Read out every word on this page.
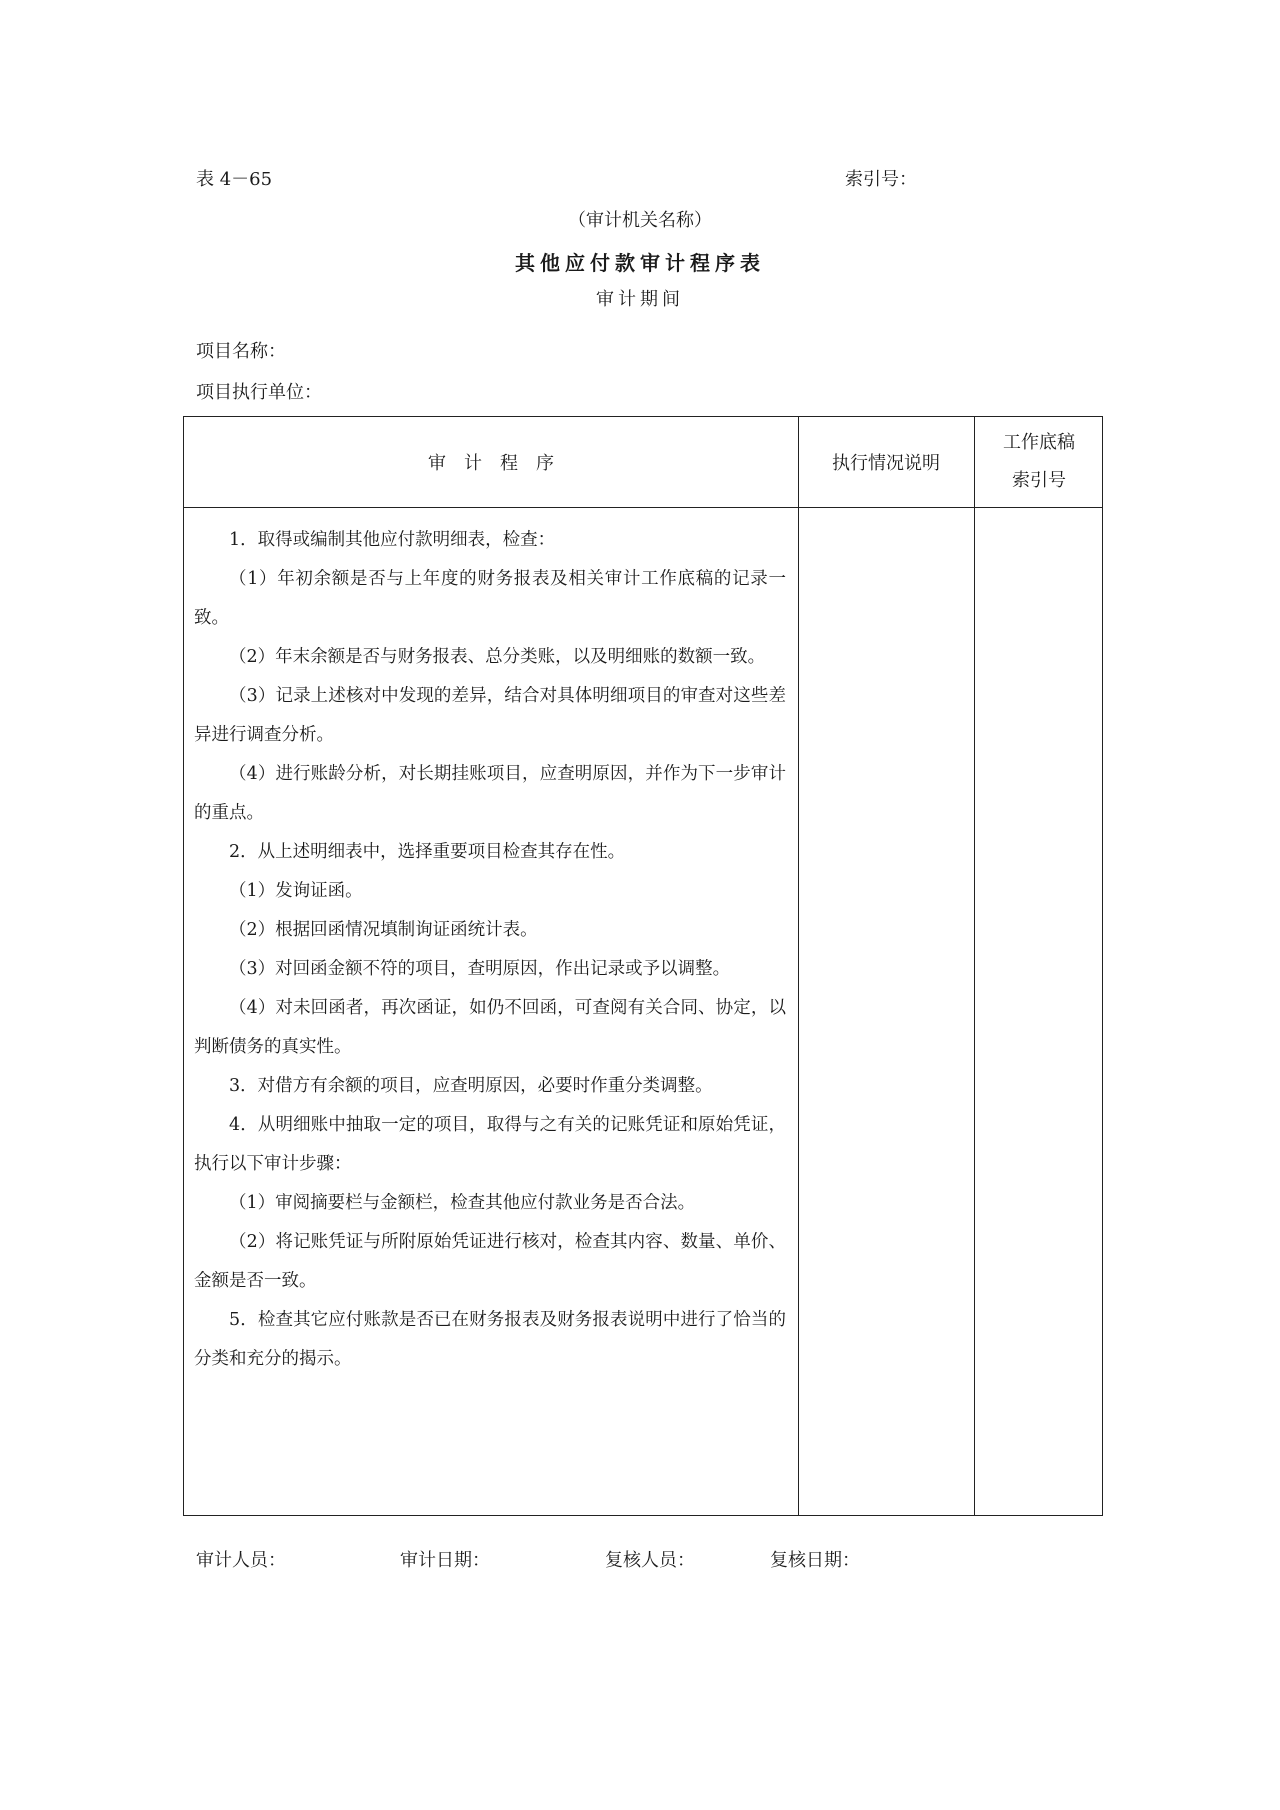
表 4－65	索引号：
（审计机关名称）
其他应付款审计程序表
审计期间
项目名称：
项目执行单位：
审　计　程　序	执行情况说明
工作底稿
索引号

1．取得或编制其他应付款明细表，检查：

（1）年初余额是否与上年度的财务报表及相关审计工作底稿的记录一致。

（2）年末余额是否与财务报表、总分类账，以及明细账的数额一致。

（3）记录上述核对中发现的差异，结合对具体明细项目的审查对这些差异进行调查分析。

（4）进行账龄分析，对长期挂账项目，应查明原因，并作为下一步审计的重点。

2．从上述明细表中，选择重要项目检查其存在性。

（1）发询证函。

（2）根据回函情况填制询证函统计表。

（3）对回函金额不符的项目，查明原因，作出记录或予以调整。

（4）对未回函者，再次函证，如仍不回函，可查阅有关合同、协定，以判断债务的真实性。

3．对借方有余额的项目，应查明原因，必要时作重分类调整。

4．从明细账中抽取一定的项目，取得与之有关的记账凭证和原始凭证，执行以下审计步骤：

（1）审阅摘要栏与金额栏，检查其他应付款业务是否合法。

（2）将记账凭证与所附原始凭证进行核对，检查其内容、数量、单价、金额是否一致。

5．检查其它应付账款是否已在财务报表及财务报表说明中进行了恰当的分类和充分的揭示。

审计人员：	审计日期：	复核人员：	复核日期：
